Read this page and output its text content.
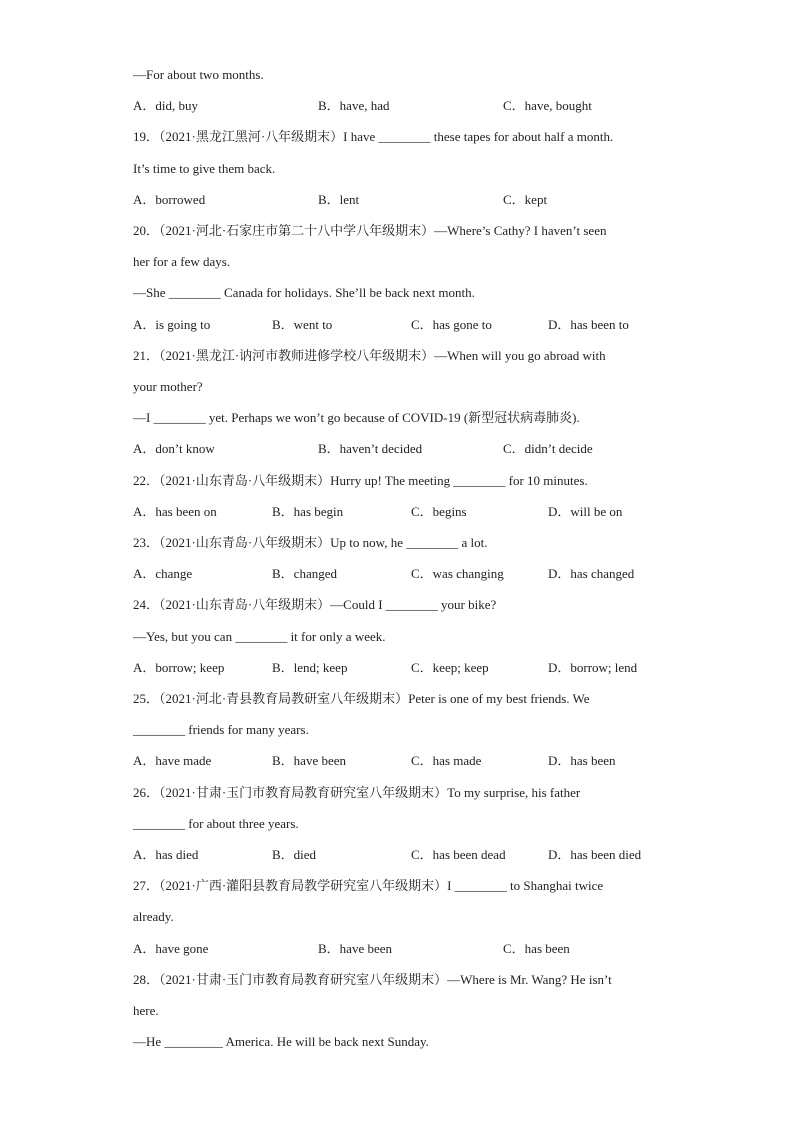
—For about two months.
A．did, buy	B．have, had	C．have, bought
19．（2021·黑龙江黑河·八年级期末）I have ________ these tapes for about half a month.
It’s time to give them back.
A．borrowed	B．lent	C．kept
20．（2021·河北·石家庄市第二十八中学八年级期末）—Where’s Cathy? I haven’t seen
her for a few days.
—She ________ Canada for holidays. She’ll be back next month.
A．is going to	B．went to	C．has gone to	D．has been to
21．（2021·黑龙江·讷河市教师进修学校八年级期末）—When will you go abroad with
your mother?
—I ________ yet. Perhaps we won’t go because of COVID-19 (新型冠状病毒肺炎).
A．don’t know	B．haven’t decided	C．didn’t decide
22．（2021·山东青岛·八年级期末）Hurry up! The meeting ________ for 10 minutes.
A．has been on	B．has begin	C．begins	D．will be on
23．（2021·山东青岛·八年级期末）Up to now, he ________ a lot.
A．change	B．changed	C．was changing	D．has changed
24．（2021·山东青岛·八年级期末）—Could I ________ your bike?
—Yes, but you can ________ it for only a week.
A．borrow; keep	B．lend; keep	C．keep; keep	D．borrow; lend
25．（2021·河北·青县教育局教研室八年级期末）Peter is one of my best friends. We
________ friends for many years.
A．have made	B．have been	C．has made	D．has been
26．（2021·甘肃·玉门市教育局教育研究室八年级期末）To my surprise, his father
________ for about three years.
A．has died	B．died	C．has been dead	D．has been died
27．（2021·广西·灌阳县教育局教学研究室八年级期末）I ________ to Shanghai twice
already.
A．have gone	B．have been	C．has been
28．（2021·甘肃·玉门市教育局教育研究室八年级期末）—Where is Mr. Wang? He isn’t
here.
—He _________ America. He will be back next Sunday.
